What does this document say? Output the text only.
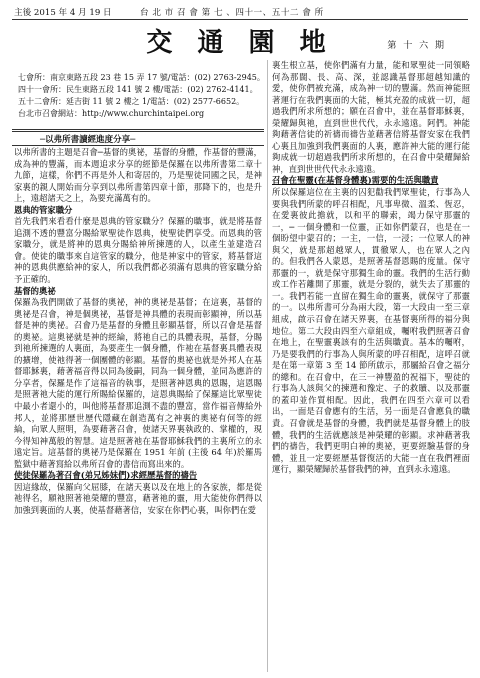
主後 2015 年 4 月 19 日	台 北 市 召 會 第 七 、四十一、五十二 會 所
交 通 園 地	第 十 六 期
七會所：南京東路五段 23 巷 15 弄 17 號/電話：(02) 2763-2945。
四十一會所：民生東路五段 141 號 2 樓/電話：(02) 2762-4141。
五十二會所：延吉街 11 號 2 樓之 1/電話：(02) 2577-6652。
台北市召會網站：http://www.churchintaipei.org
─以弗所書讀經進度分享─

以弗所書的主題是召會─基督的奧祕，基督的身體，作基督的豐滿，成為神的豐滿，而本週追求分享的經節是保羅在以弗所書第二章十九節，這樣，你們不再是外人和寄居的，乃是聖徒同國之民，是神家裏的親人開始而分享到以弗所書第四章十節，那降下的，也是升上，遠超諸天之上，為要充滿萬有的。

恩典的管家職分

首先我們來看看什麼是恩典的管家職分？保羅的職事，就是將基督追測不透的豐富分賜給眾聖徒作恩典，使聖徒們享受。而恩典的管家職分，就是將神的恩典分賜給神所揀選的人，以產生並建造召會。使徒的職事來自這管家的職分，他是神家中的管家，將基督這神的恩典供應給神的家人，所以我們都必須滿有恩典的管家職分給予正確的。

基督的奧祕

保羅為我們開啟了基督的奧祕，神的奧祕是基督；在這裏，基督的奧祕是召會，神是個奧祕，基督是神具體的表現而彰顯神，所以基督是神的奧祕。召會乃是基督的身體且彰顯基督，所以召會是基督的奧祕。這奧祕就是神的經綸，將祂自己的具體表現，基督，分賜到祂所揀選的人裏面，為要產生一個身體，作祂在基督裏具體表現的擴增，使祂得著一個團體的彰顯。基督的奧祕也就是外邦人在基督耶穌裏，藉著福音得以同為後嗣，同為一個身體，並同為應許的分享者，保羅是作了這福音的執事，是照著神恩典的恩賜，這恩賜是照著祂大能的運行所賜給保羅的，這恩典賜給了保羅這比眾聖徒中最小者還小的，叫他將基督那追測不盡的豐富，當作福音傳給外邦人，並將那歷世歷代隱藏在創造萬有之神裏的奧祕有何等的經綸，向眾人照明，為要藉著召會，使諸天界裏執政的、掌權的，現今得知神萬般的智慧。這是照著祂在基督耶穌我們的主裏所立的永遠定旨。這基督的奧祕乃是保羅在 1951 年前 (主後 64 年)於羅馬監獄中藉著寫給以弗所召會的書信而寫出來的。

使徒保羅為著召會(弟兄姊妹們)求經歷基督的禱告

因這緣故，保羅向父屈膝，在諸天裏以及在地上的各家族，都是從祂得名，願祂照著祂榮耀的豐富，藉著祂的靈，用大能使你們得以加強到裏面的人裏，使基督藉著信，安家在你們心裏，叫你們在愛

裏生根立基，使你們滿有力量，能和眾聖徒一同領略何為那闊、長、高、深，並認識基督那超越知識的愛，使你們被充滿，成為神一切的豐滿。然而神能照著運行在我們裏面的大能，極其充盈的成就一切，超過我們所求所想的；願在召會中，並在基督耶穌裏，榮耀歸與祂，直到世世代代，永永遠遠。阿們。神能夠藉著信徒的祈禱而禱告並藉著信將基督安家在我們心裏且加強到我們裏面的人裏，應許神大能的運行能夠成就一切超過我們所求所想的，在召會中榮耀歸給神，直到世世代代永永遠遠。

召會在聖靈(在基督身體裏)需要的生活與職責

所以保羅這位在主裏的囚犯勸我們眾聖徒，行事為人要與我們所蒙的呼召相配，凡事卑微、溫柔、恆忍，在愛裏彼此擔就，以和平的聯索，竭力保守那靈的一，─ 一個身體和一位靈，正如你們蒙召，也是在一個盼望中蒙召的；一主，一信，一浸；一位眾人的神與父，就是那超越眾人，貫徹眾人，也在眾人之內的。但我們各人蒙恩，是照著基督恩賜的度量。保守那靈的一，就是保守那獨生命的靈。我們的生活行動或工作若離開了那靈，就是分裂的，就失去了那靈的一。我們若能一直留在獨生命的靈裏，就保守了那靈的一。以弗所書可分為兩大段，第一大段由一至三章組成，啟示召會在諸天界裏，在基督裏所得的福分與地位。第二大段由四至六章組成，囑咐我們照著召會在地上，在聖靈裏該有的生活與職責。基本的囑咐，乃是要我們的行事為人與所蒙的呼召相配，這呼召就是在第一章第 3 至 14 節所啟示，那屬給召會之福分的總和。在召會中，在三一神豐盈的祝福下，聖徒的行事為人該與父的揀選和豫定、子的救贖、以及那靈的蓋印並作質相配。因此，我們在四至六章可以看出，一面是召會應有的生活，另一面是召會應負的職責。召會就是基督的身體，我們就是基督身體上的肢體，我們的生活就應該是神榮耀的彰顯。求神藉著我們的禱告，我們更明白神的奧祕，更要經驗基督的身體，並且一定要經歷基督復活的大能一直在我們裡面運行，顯榮耀歸於基督我們的神，直到永永遠遠。
